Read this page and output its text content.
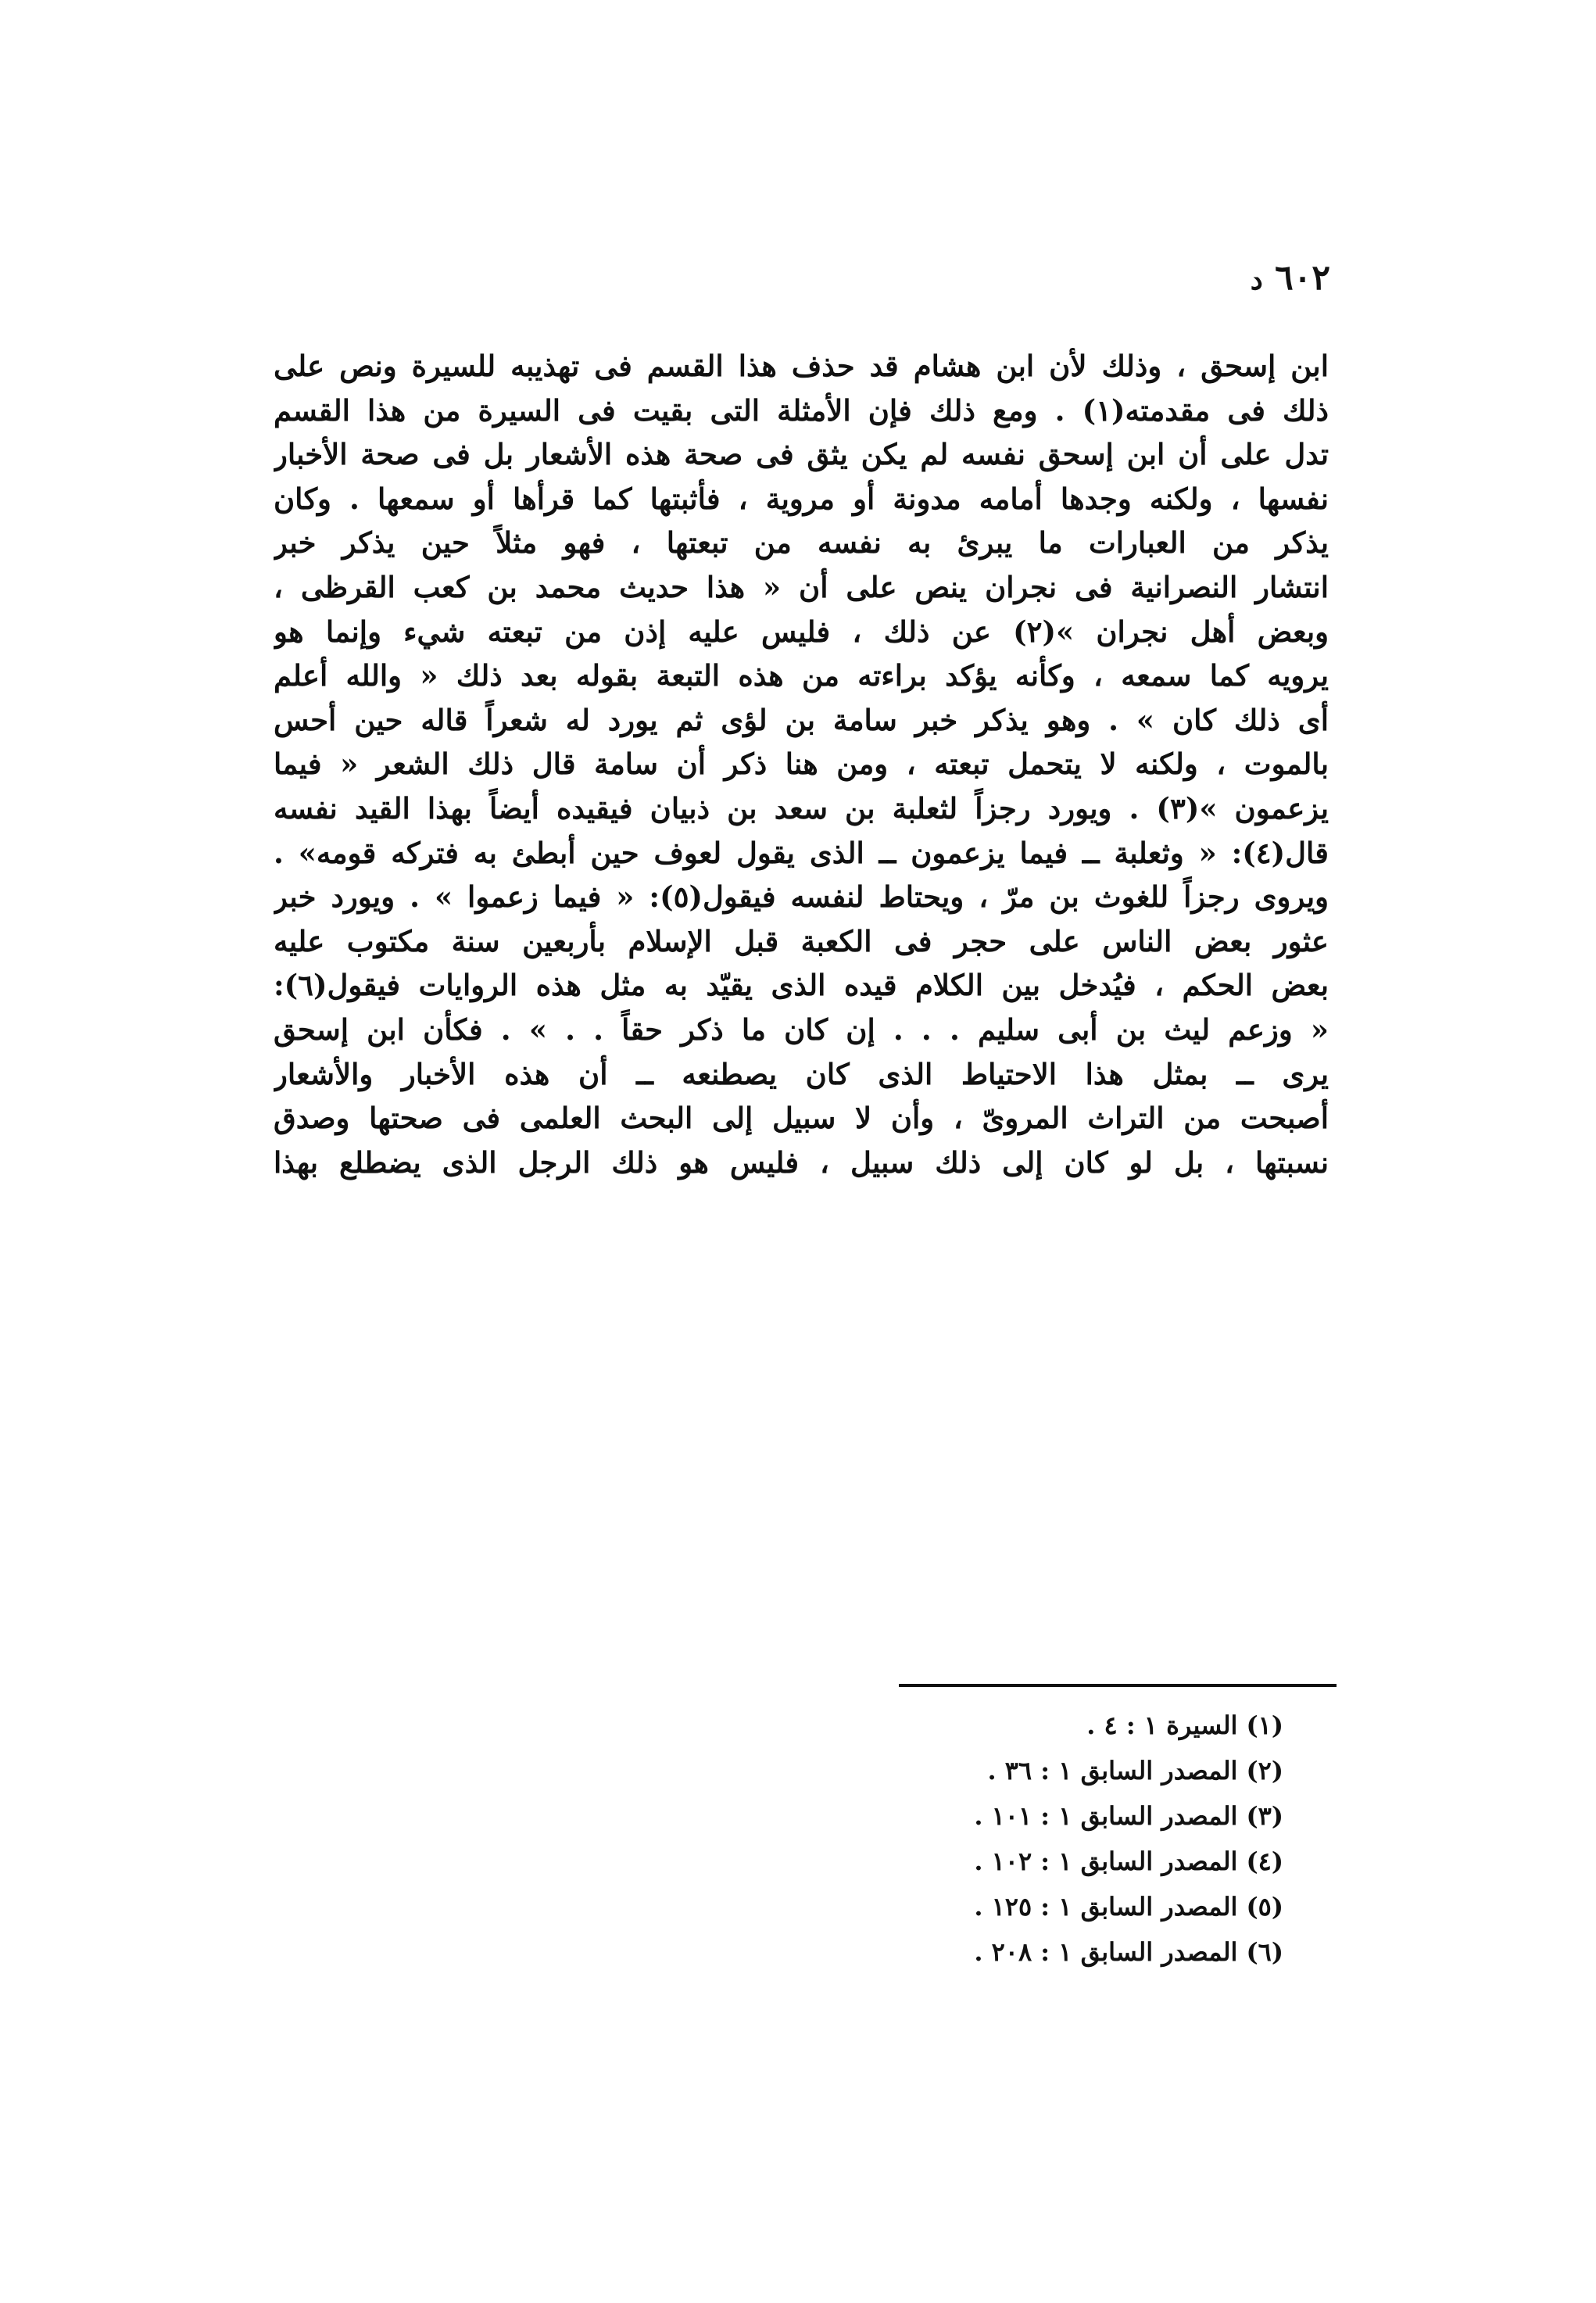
٦٠٢ د
ابن إسحق ، وذلك لأن ابن هشام قد حذف هذا القسم فى تهذيبه للسيرة ونص على
ذلك فى مقدمته(١) . ومع ذلك فإن الأمثلة التى بقيت فى السيرة من هذا القسم
تدل على أن ابن إسحق نفسه لم يكن يثق فى صحة هذه الأشعار بل فى صحة الأخبار
نفسها ، ولكنه وجدها أمامه مدونة أو مروية ، فأثبتها كما قرأها أو سمعها . وكان
يذكر من العبارات ما يبرئ به نفسه من تبعتها ، فهو مثلاً حين يذكر خبر
انتشار النصرانية فى نجران ينص على أن « هذا حديث محمد بن كعب القرظى ،
وبعض أهل نجران »(٢) عن ذلك ، فليس عليه إذن من تبعته شيء وإنما هو
يرويه كما سمعه ، وكأنه يؤكد براءته من هذه التبعة بقوله بعد ذلك « والله أعلم
أى ذلك كان » . وهو يذكر خبر سامة بن لؤى ثم يورد له شعراً قاله حين أحس
بالموت ، ولكنه لا يتحمل تبعته ، ومن هنا ذكر أن سامة قال ذلك الشعر « فيما
يزعمون »(٣) . ويورد رجزاً لثعلبة بن سعد بن ذبيان فيقيده أيضاً بهذا القيد نفسه
قال(٤): « وثعلبة ــ فيما يزعمون ــ الذى يقول لعوف حين أبطئ به فتركه قومه» .
ويروى رجزاً للغوث بن مرّ ، ويحتاط لنفسه فيقول(٥): « فيما زعموا » . ويورد خبر
عثور بعض الناس على حجر فى الكعبة قبل الإسلام بأربعين سنة مكتوب عليه
بعض الحكم ، فيُدخل بين الكلام قيده الذى يقيّد به مثل هذه الروايات فيقول(٦):
« وزعم ليث بن أبى سليم . . . إن كان ما ذكر حقاً . . » . فكأن ابن إسحق
يرى ــ بمثل هذا الاحتياط الذى كان يصطنعه ــ أن هذه الأخبار والأشعار
أصبحت من التراث المروىّ ، وأن لا سبيل إلى البحث العلمى فى صحتها وصدق
نسبتها ، بل لو كان إلى ذلك سبيل ، فليس هو ذلك الرجل الذى يضطلع بهذا
(١) السيرة ١ : ٤ .
(٢) المصدر السابق ١ : ٣٦ .
(٣) المصدر السابق ١ : ١٠١ .
(٤) المصدر السابق ١ : ١٠٢ .
(٥) المصدر السابق ١ : ١٢٥ .
(٦) المصدر السابق ١ : ٢٠٨ .
